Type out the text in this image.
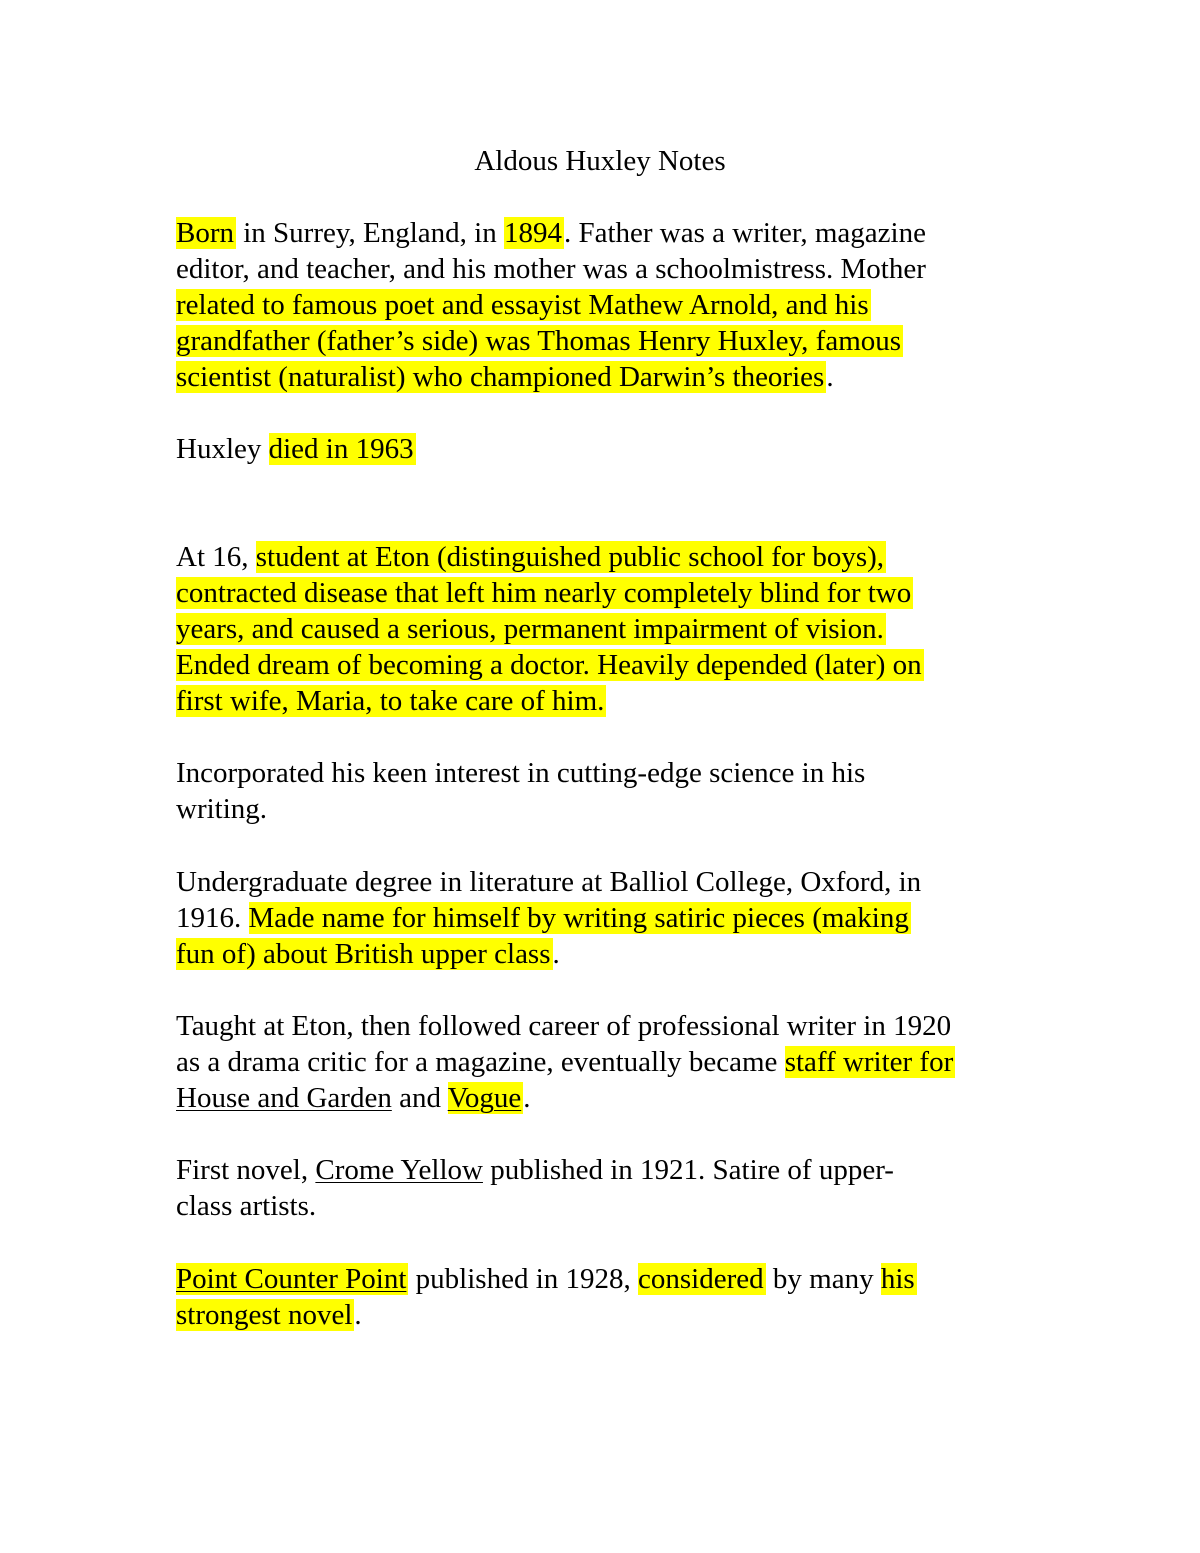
Aldous Huxley Notes

Born in Surrey, England, in 1894. Father was a writer, magazine
editor, and teacher, and his mother was a schoolmistress. Mother
related to famous poet and essayist Mathew Arnold, and his
grandfather (father’s side) was Thomas Henry Huxley, famous
scientist (naturalist) who championed Darwin’s theories.

Huxley died in 1963

At 16, student at Eton (distinguished public school for boys),
contracted disease that left him nearly completely blind for two
years, and caused a serious, permanent impairment of vision.
Ended dream of becoming a doctor. Heavily depended (later) on
first wife, Maria, to take care of him.

Incorporated his keen interest in cutting-edge science in his
writing.

Undergraduate degree in literature at Balliol College, Oxford, in
1916. Made name for himself by writing satiric pieces (making
fun of) about British upper class.

Taught at Eton, then followed career of professional writer in 1920
as a drama critic for a magazine, eventually became staff writer for
House and Garden and Vogue.

First novel, Crome Yellow published in 1921. Satire of upper-
class artists.

Point Counter Point published in 1928, considered by many his
strongest novel.
